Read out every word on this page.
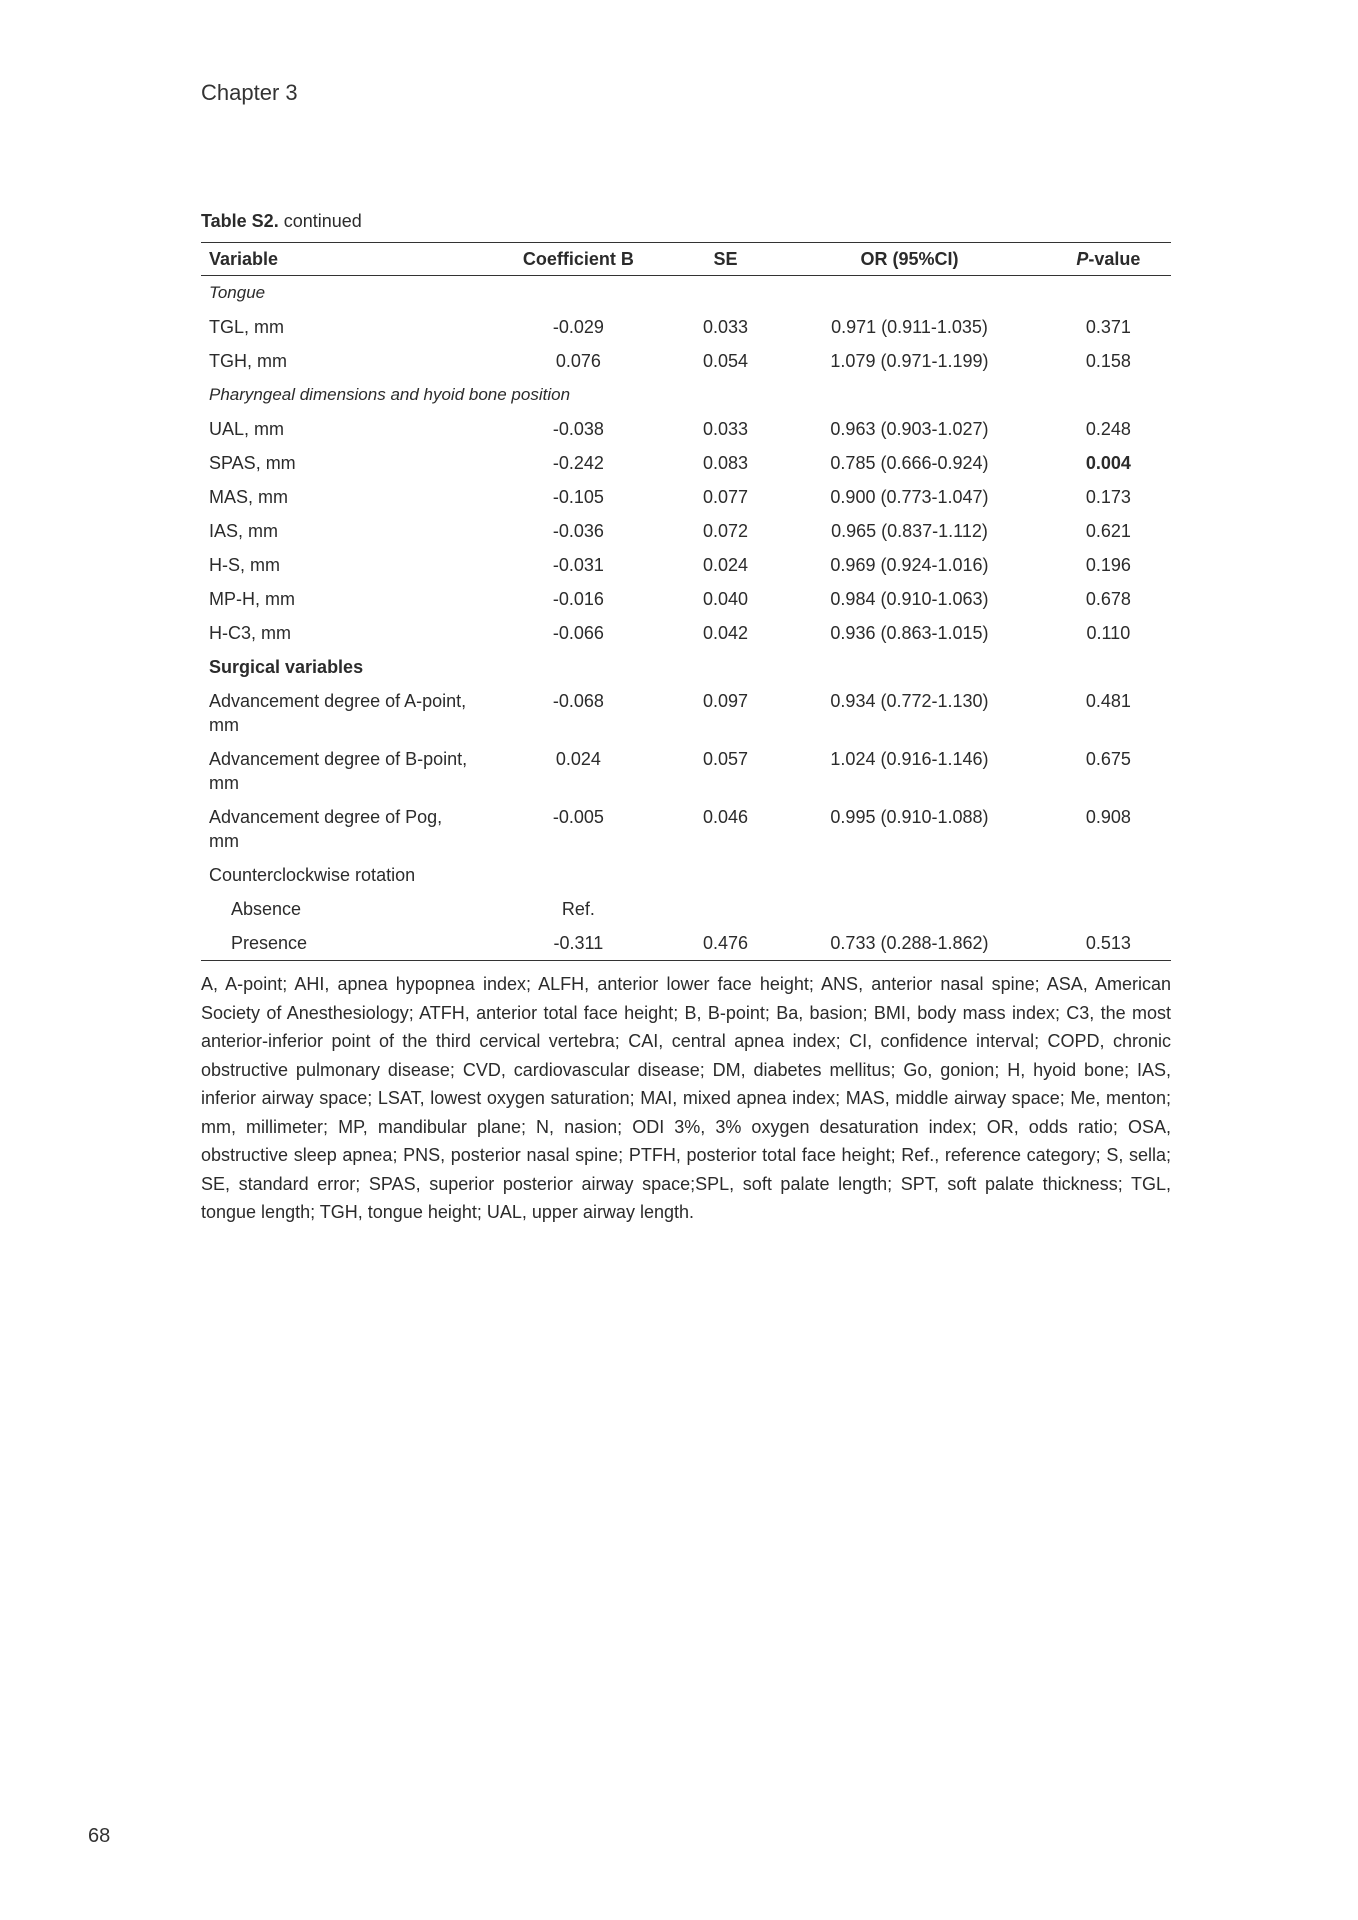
Chapter 3

Table S2. continued

Variable	Coefficient B	SE	OR (95%CI)	P-value
Tongue				
TGL, mm	-0.029	0.033	0.971 (0.911-1.035)	0.371
TGH, mm	0.076	0.054	1.079 (0.971-1.199)	0.158
Pharyngeal dimensions and hyoid bone position				
UAL, mm	-0.038	0.033	0.963 (0.903-1.027)	0.248
SPAS, mm	-0.242	0.083	0.785 (0.666-0.924)	0.004
MAS, mm	-0.105	0.077	0.900 (0.773-1.047)	0.173
IAS, mm	-0.036	0.072	0.965 (0.837-1.112)	0.621
H-S, mm	-0.031	0.024	0.969 (0.924-1.016)	0.196
MP-H, mm	-0.016	0.040	0.984 (0.910-1.063)	0.678
H-C3, mm	-0.066	0.042	0.936 (0.863-1.015)	0.110
Surgical variables				
Advancement degree of A-point, mm	-0.068	0.097	0.934 (0.772-1.130)	0.481
Advancement degree of B-point, mm	0.024	0.057	1.024 (0.916-1.146)	0.675
Advancement degree of Pog, mm	-0.005	0.046	0.995 (0.910-1.088)	0.908
Counterclockwise rotation				
Absence	Ref.			
Presence	-0.311	0.476	0.733 (0.288-1.862)	0.513

A, A-point; AHI, apnea hypopnea index; ALFH, anterior lower face height; ANS, anterior nasal spine; ASA, American Society of Anesthesiology; ATFH, anterior total face height; B, B-point; Ba, basion; BMI, body mass index; C3, the most anterior-inferior point of the third cervical vertebra; CAI, central apnea index; CI, confidence interval; COPD, chronic obstructive pulmonary disease; CVD, cardiovascular disease; DM, diabetes mellitus; Go, gonion; H, hyoid bone; IAS, inferior airway space; LSAT, lowest oxygen saturation; MAI, mixed apnea index; MAS, middle airway space; Me, menton; mm, millimeter; MP, mandibular plane; N, nasion; ODI 3%, 3% oxygen desaturation index; OR, odds ratio; OSA, obstructive sleep apnea; PNS, posterior nasal spine; PTFH, posterior total face height; Ref., reference category; S, sella; SE, standard error; SPAS, superior posterior airway space;SPL, soft palate length; SPT, soft palate thickness; TGL, tongue length; TGH, tongue height; UAL, upper airway length.

68
